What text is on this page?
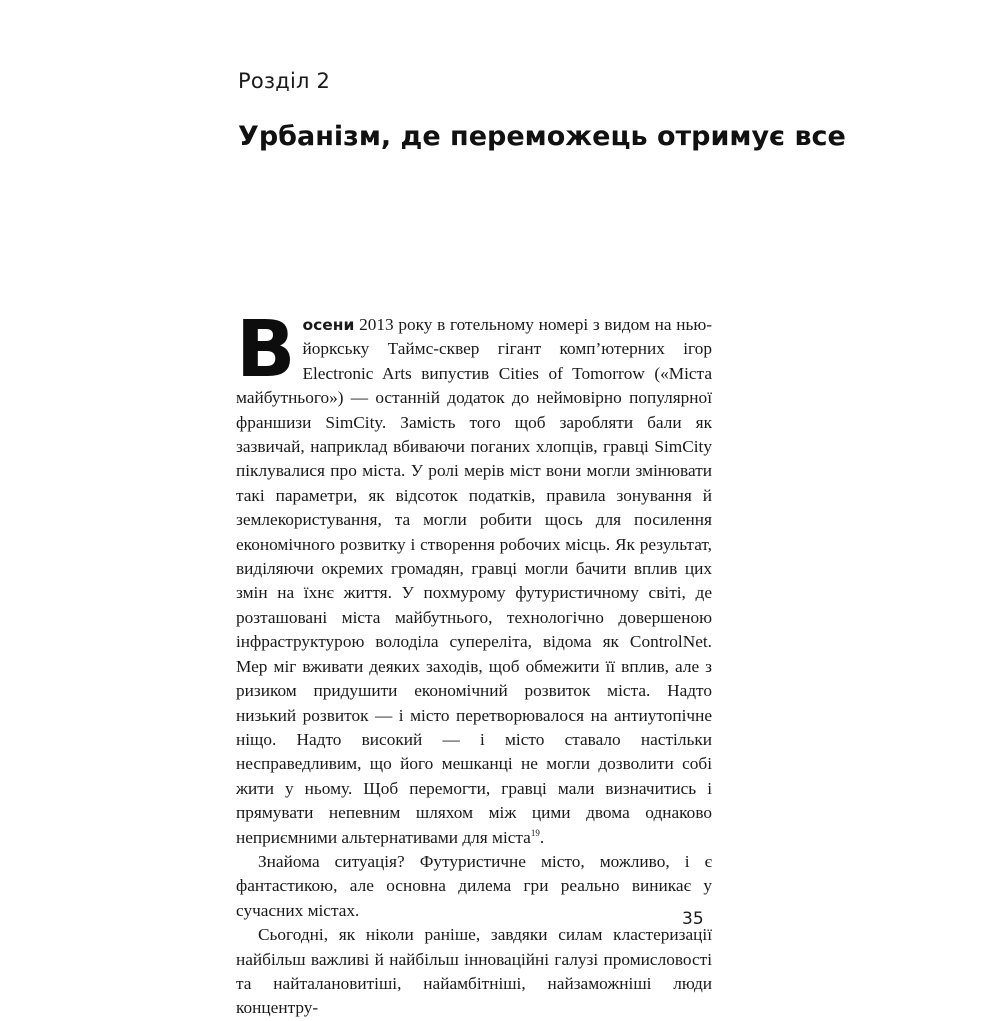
Розділ 2
Урбанізм, де переможець отримує все

Восени 2013 року в готельному номері з видом на нью-йоркську Таймс-сквер гігант комп’ютерних ігор Electronic Arts випустив Cities of Tomorrow («Міста майбутнього») — останній додаток до неймовірно популярної франшизи SimCity. Замість того щоб заробляти бали як зазвичай, наприклад вбиваючи поганих хлопців, гравці SimCity піклувалися про міста. У ролі мерів міст вони могли змінювати такі параметри, як відсоток податків, правила зонування й землекористування, та могли робити щось для посилення економічного розвитку і створення робочих місць. Як результат, виділяючи окремих громадян, гравці могли бачити вплив цих змін на їхнє життя. У похмурому футуристичному світі, де розташовані міста майбутнього, технологічно довершеною інфраструктурою володіла супереліта, відома як ControlNet. Мер міг вживати деяких заходів, щоб обмежити її вплив, але з ризиком придушити економічний розвиток міста. Надто низький розвиток — і місто перетворювалося на антиутопічне ніщо. Надто високий — і місто ставало настільки несправедливим, що його мешканці не могли дозволити собі жити у ньому. Щоб перемогти, гравці мали визначитись і прямувати непевним шляхом між цими двома однаково неприємними альтернативами для міста$^{19}$.

Знайома ситуація? Футуристичне місто, можливо, і є фантастикою, але основна дилема гри реально виникає у сучасних містах.

Сьогодні, як ніколи раніше, завдяки силам кластеризації найбільш важливі й найбільш інноваційні галузі промисловості та найталановитіші, найамбітніші, найзаможніші люди концентру-

35
